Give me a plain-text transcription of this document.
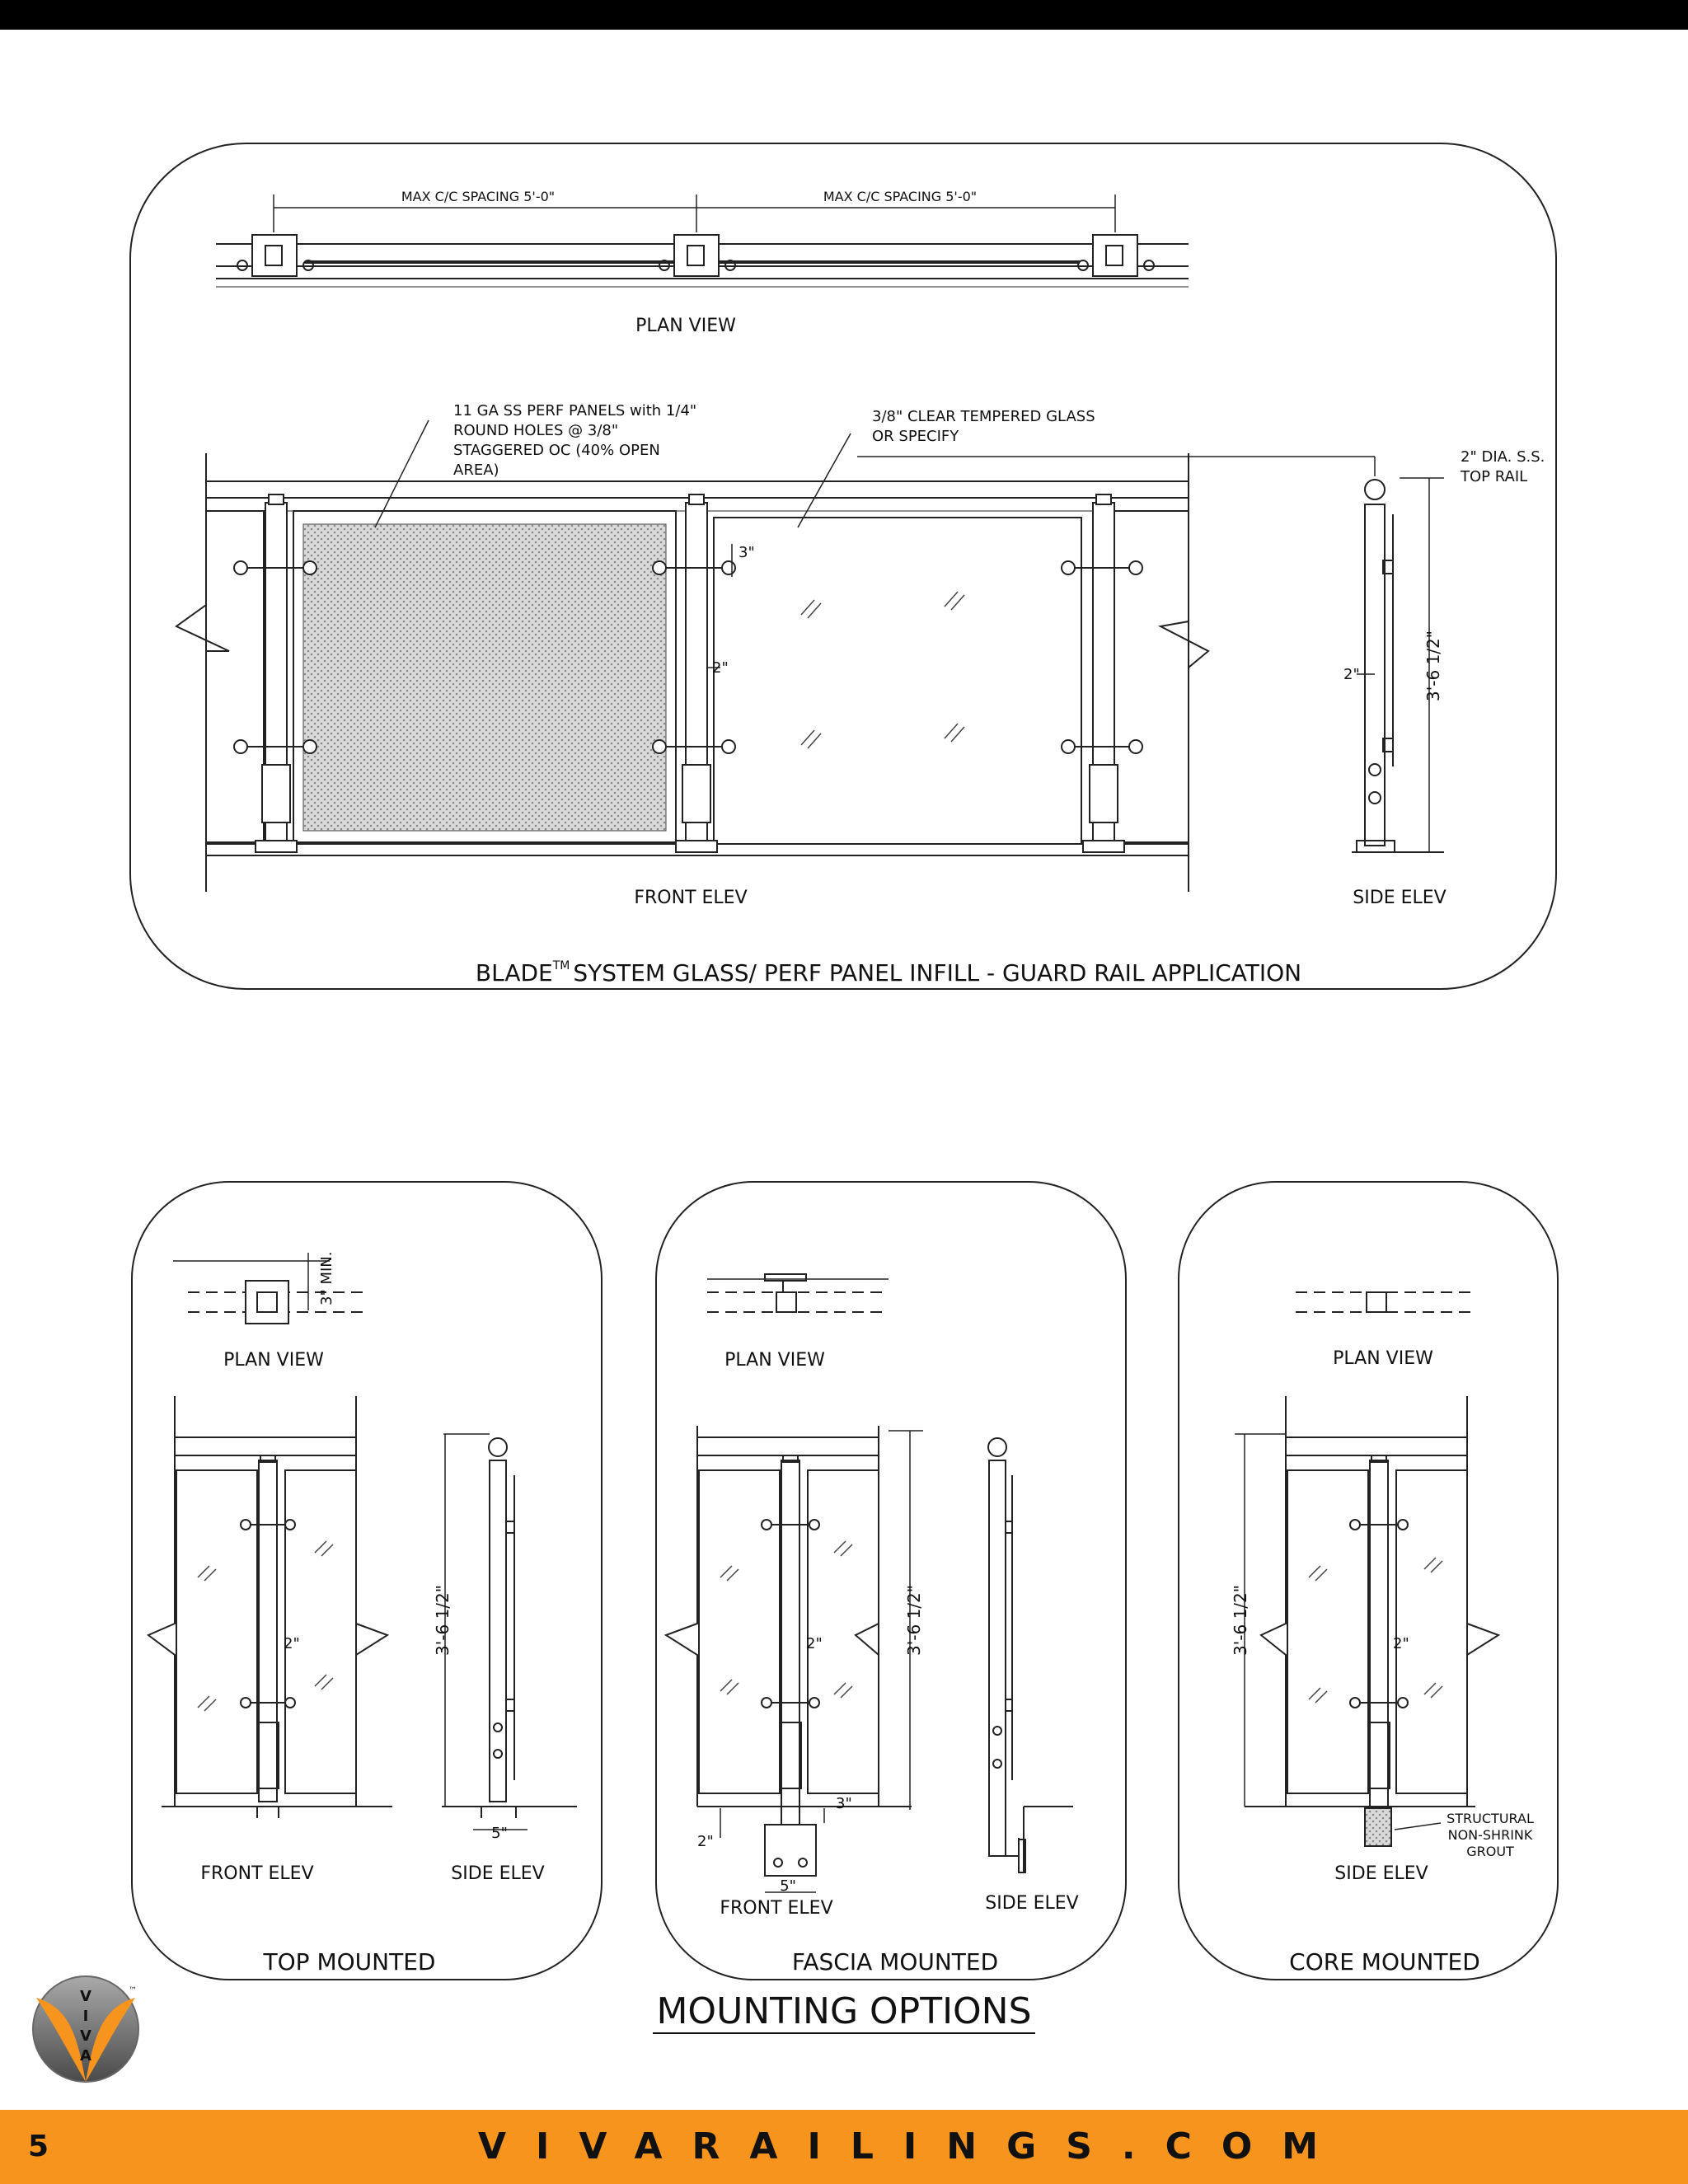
MAX C/C SPACING 5'-0"	MAX C/C SPACING 5'-0"
PLAN VIEW
11 GA SS PERF PANELS with 1/4"
ROUND HOLES @ 3/8"
STAGGERED OC (40% OPEN
AREA)
3/8" CLEAR TEMPERED GLASS
OR SPECIFY
3"
2"
FRONT ELEV
2" DIA. S.S.
TOP RAIL
2"	3'-6 1/2"
SIDE ELEV
BLADE™ SYSTEM GLASS/ PERF PANEL INFILL - GUARD RAIL APPLICATION
3" MIN.
PLAN VIEW
2"
FRONT ELEV
3'-6 1/2"
5"
SIDE ELEV
TOP MOUNTED
PLAN VIEW
2"	3'-6 1/2"
3"
2"
5"
FRONT ELEV	SIDE ELEV
FASCIA MOUNTED
PLAN VIEW
3'-6 1/2"	2"
STRUCTURAL
NON-SHRINK
GROUT
SIDE ELEV
CORE MOUNTED
V
I
V
A
™	MOUNTING OPTIONS
5	VIVARAILINGS.COM
